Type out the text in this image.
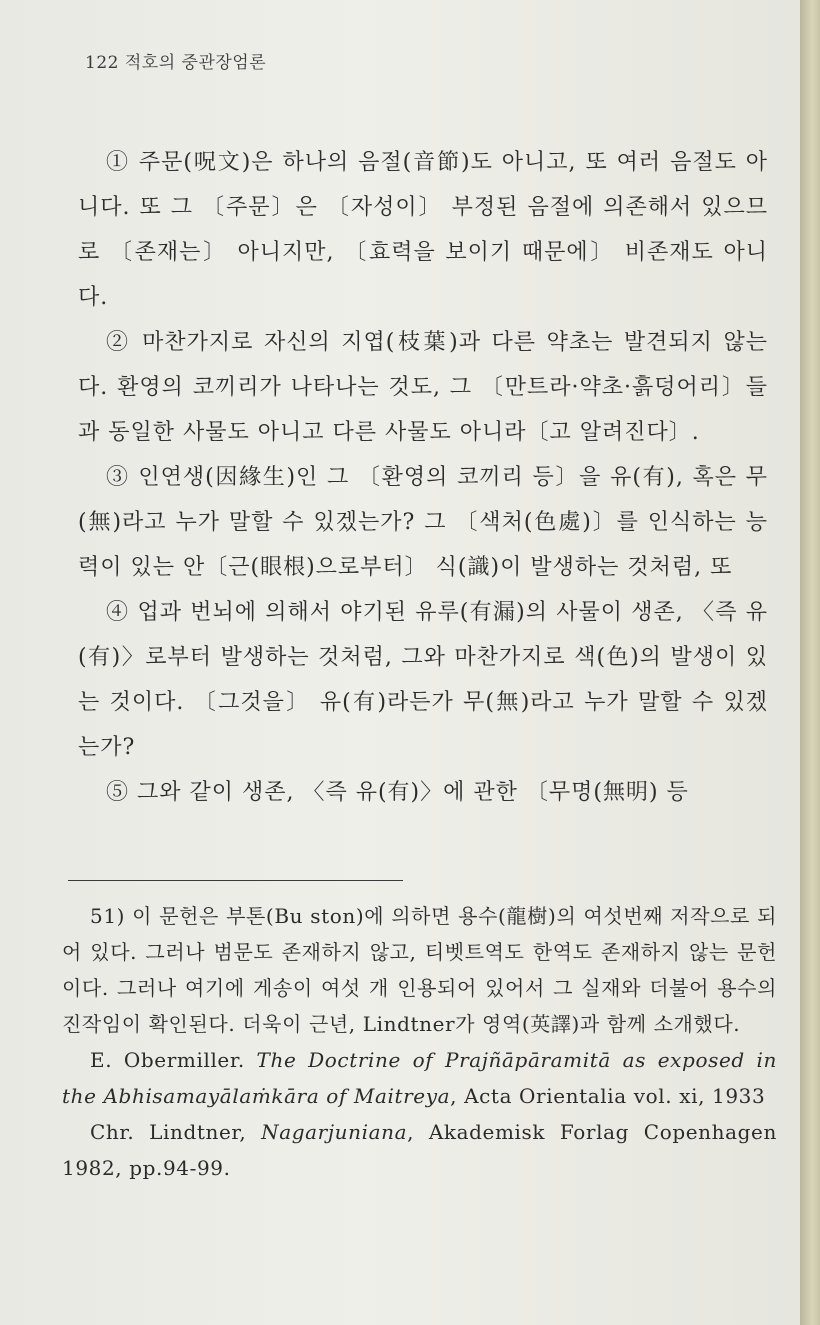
122 적호의 중관장엄론

① 주문(呪文)은 하나의 음절(音節)도 아니고, 또 여러 음절도 아니다. 또 그 〔주문〕은 〔자성이〕 부정된 음절에 의존해서 있으므로 〔존재는〕 아니지만, 〔효력을 보이기 때문에〕 비존재도 아니다.

② 마찬가지로 자신의 지엽(枝葉)과 다른 약초는 발견되지 않는다. 환영의 코끼리가 나타나는 것도, 그 〔만트라·약초·흙덩어리〕들과 동일한 사물도 아니고 다른 사물도 아니라〔고 알려진다〕.

③ 인연생(因緣生)인 그 〔환영의 코끼리 등〕을 유(有), 혹은 무(無)라고 누가 말할 수 있겠는가? 그 〔색처(色處)〕를 인식하는 능력이 있는 안〔근(眼根)으로부터〕 식(識)이 발생하는 것처럼, 또

④ 업과 번뇌에 의해서 야기된 유루(有漏)의 사물이 생존, 〈즉 유(有)〉로부터 발생하는 것처럼, 그와 마찬가지로 색(色)의 발생이 있는 것이다. 〔그것을〕 유(有)라든가 무(無)라고 누가 말할 수 있겠는가?

⑤ 그와 같이 생존, 〈즉 유(有)〉에 관한 〔무명(無明) 등

51) 이 문헌은 부톤(Bu ston)에 의하면 용수(龍樹)의 여섯번째 저작으로 되어 있다. 그러나 범문도 존재하지 않고, 티벳트역도 한역도 존재하지 않는 문헌이다. 그러나 여기에 게송이 여섯 개 인용되어 있어서 그 실재와 더불어 용수의 진작임이 확인된다. 더욱이 근년, Lindtner가 영역(英譯)과 함께 소개했다.

E. Obermiller. The Doctrine of Prajñāpāramitā as exposed in the Abhisamayālaṁkāra of Maitreya, Acta Orientalia vol. xi, 1933

Chr. Lindtner, Nagarjuniana, Akademisk Forlag Copenhagen 1982, pp.94-99.
